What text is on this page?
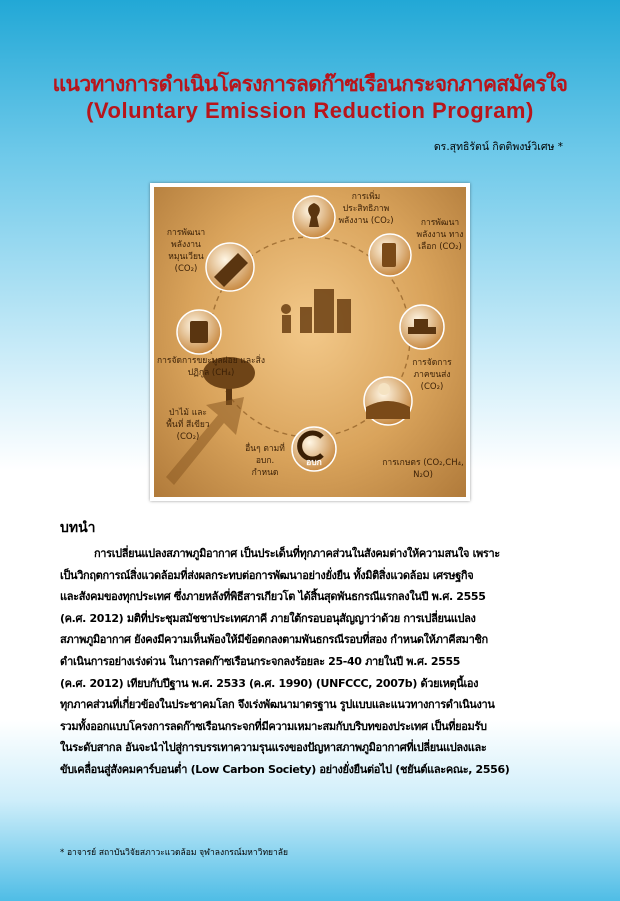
แนวทางการดำเนินโครงการลดก๊าซเรือนกระจกภาคสมัครใจ
(Voluntary Emission Reduction Program)
ดร.สุทธิรัตน์ กิตติพงษ์วิเศษ *
การเพิ่ม ประสิทธิภาพ พลังงาน (CO₂)	การพัฒนา พลังงาน ทางเลือก (CO₂)
การพัฒนา พลังงาน หมุนเวียน (CO₂)
การจัดการขยะมูลฝอย และสิ่งปฏิกูล (CH₄)
การจัดการ ภาคขนส่ง (CO₂)
ป่าไม้ และพื้นที่ สีเขียว (CO₂)
การเกษตร (CO₂,CH₄, N₂O)
อื่นๆ ตามที่ อบก. กำหนด
อบก
บทนำ
การเปลี่ยนแปลงสภาพภูมิอากาศ เป็นประเด็นที่ทุกภาคส่วนในสังคมต่างให้ความสนใจ เพราะ
เป็นวิกฤตการณ์สิ่งแวดล้อมที่ส่งผลกระทบต่อการพัฒนาอย่างยั่งยืน ทั้งมิติสิ่งแวดล้อม เศรษฐกิจ
และสังคมของทุกประเทศ ซึ่งภายหลังที่พิธีสารเกียวโต ได้สิ้นสุดพันธกรณีแรกลงในปี พ.ศ. 2555
(ค.ศ. 2012) มติที่ประชุมสมัชชาประเทศภาคี ภายใต้กรอบอนุสัญญาว่าด้วย การเปลี่ยนแปลง
สภาพภูมิอากาศ ยังคงมีความเห็นพ้องให้มีข้อตกลงตามพันธกรณีรอบที่สอง กำหนดให้ภาคีสมาชิก
ดำเนินการอย่างเร่งด่วน ในการลดก๊าซเรือนกระจกลงร้อยละ 25-40 ภายในปี พ.ศ. 2555
(ค.ศ. 2012) เทียบกับปีฐาน พ.ศ. 2533 (ค.ศ. 1990) (UNFCCC, 2007b) ด้วยเหตุนี้เอง
ทุกภาคส่วนที่เกี่ยวข้องในประชาคมโลก จึงเร่งพัฒนามาตรฐาน รูปแบบและแนวทางการดำเนินงาน
รวมทั้งออกแบบโครงการลดก๊าซเรือนกระจกที่มีความเหมาะสมกับบริบทของประเทศ เป็นที่ยอมรับ
ในระดับสากล อันจะนำไปสู่การบรรเทาความรุนแรงของปัญหาสภาพภูมิอากาศที่เปลี่ยนแปลงและ
ขับเคลื่อนสู่สังคมคาร์บอนต่ำ (Low Carbon Society) อย่างยั่งยืนต่อไป (ชยันต์และคณะ, 2556)
* อาจารย์ สถาบันวิจัยสภาวะแวดล้อม จุฬาลงกรณ์มหาวิทยาลัย
